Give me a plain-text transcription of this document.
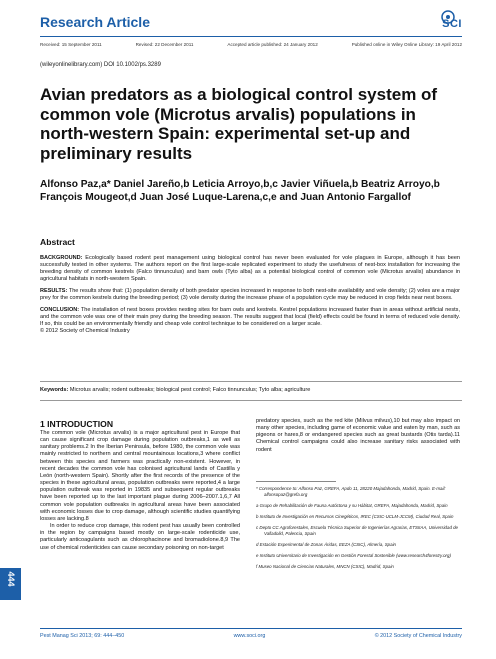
Research Article	SCI
Received: 15 September 2011	Revised: 22 December 2011	Accepted article published: 24 January 2012	Published online in Wiley Online Library: 19 April 2012
(wileyonlinelibrary.com) DOI 10.1002/ps.3289
Avian predators as a biological control system of common vole (Microtus arvalis) populations in north-western Spain: experimental set-up and preliminary results
Alfonso Paz,a* Daniel Jareño,b Leticia Arroyo,b,c Javier Viñuela,b Beatriz Arroyo,b François Mougeot,d Juan José Luque-Larena,c,e and Juan Antonio Fargallof
Abstract

BACKGROUND: Ecologically based rodent pest management using biological control has never been evaluated for vole plagues in Europe, although it has been successfully tested in other systems. The authors report on the first large-scale replicated experiment to study the usefulness of nest-box installation for increasing the breeding density of common kestrels (Falco tinnunculus) and barn owls (Tyto alba) as a potential biological control of common vole (Microtus arvalis) abundance in agricultural habitats in north-western Spain.

RESULTS: The results show that: (1) population density of both predator species increased in response to both nest-site availability and vole density; (2) voles are a major prey for the common kestrels during the breeding period; (3) vole density during the increase phase of a population cycle may be reduced in crop fields near nest boxes.

CONCLUSION: The installation of nest boxes provides nesting sites for barn owls and kestrels. Kestrel populations increased faster than in areas without artificial nests, and the common vole was one of their main prey during the breeding season. The results suggest that local (field) effects could be found in terms of reduced vole density. If so, this could be an environmentally friendly and cheap vole control technique to be considered on a larger scale.
© 2012 Society of Chemical Industry

Keywords: Microtus arvalis; rodent outbreaks; biological pest control; Falco tinnunculus; Tyto alba; agriculture
1 INTRODUCTION

The common vole (Microtus arvalis) is a major agricultural pest in Europe that can cause significant crop damage during population outbreaks,1 as well as sanitary problems.2 In the Iberian Peninsula, before 1980, the common vole was mainly restricted to northern and central mountainous locations,3 where conflict between this species and farmers was practically non-existent. However, in recent decades the common vole has colonised agricultural lands of Castilla y León (north-western Spain). Shortly after the first records of the presence of the species in these agricultural areas, population outbreaks were reported,4 a large population outbreak was reported in 19835 and subsequent regular outbreaks have been reported up to the last important plague during 2006–2007.1,6,7 All common vole population outbreaks in agricultural areas have been associated with economic losses due to crop damage, although scientific studies quantifying losses are lacking.8

In order to reduce crop damage, this rodent pest has usually been controlled in the region by campaigns based mostly on large-scale rodenticide use, particularly anticoagulants such as chlorophacinone and bromadiolone.8,9 The use of chemical rodenticides can cause secondary poisoning on non-target

predatory species, such as the red kite (Milvus milvus),10 but may also impact on many other species, including game of economic value and eaten by man, such as pigeons or hares,8 or endangered species such as great bustards (Otis tarda).11 Chemical control campaigns could also increase sanitary risks associated with rodent

* Correspondence to: Alfonso Paz, GREFA, Apdo 11, 28220 Majadahonda, Madrid, Spain. E-mail: alfonsopaz@grefa.org

a Grupo de Rehabilitación de Fauna Autóctona y su Hábitat, GREFA, Majadahonda, Madrid, Spain

b Instituto de Investigación en Recursos Cinegéticos, IREC (CSIC-UCLM-JCCM), Ciudad Real, Spain

c Depto CC Agroforestales, Escuela Técnica Superior de Ingenierías Agrarias, ETSIIAA, Universidad de Valladolid, Palencia, Spain

d Estación Experimental de Zonas Áridas, EEZA (CSIC), Almería, Spain

e Instituto Universitario de Investigación en Gestión Forestal Sostenible (www.research4forestry.org)

f Museo Nacional de Ciencias Naturales, MNCN (CSIC), Madrid, Spain

444
Pest Manag Sci 2013; 69: 444–450	www.soci.org	© 2012 Society of Chemical Industry
